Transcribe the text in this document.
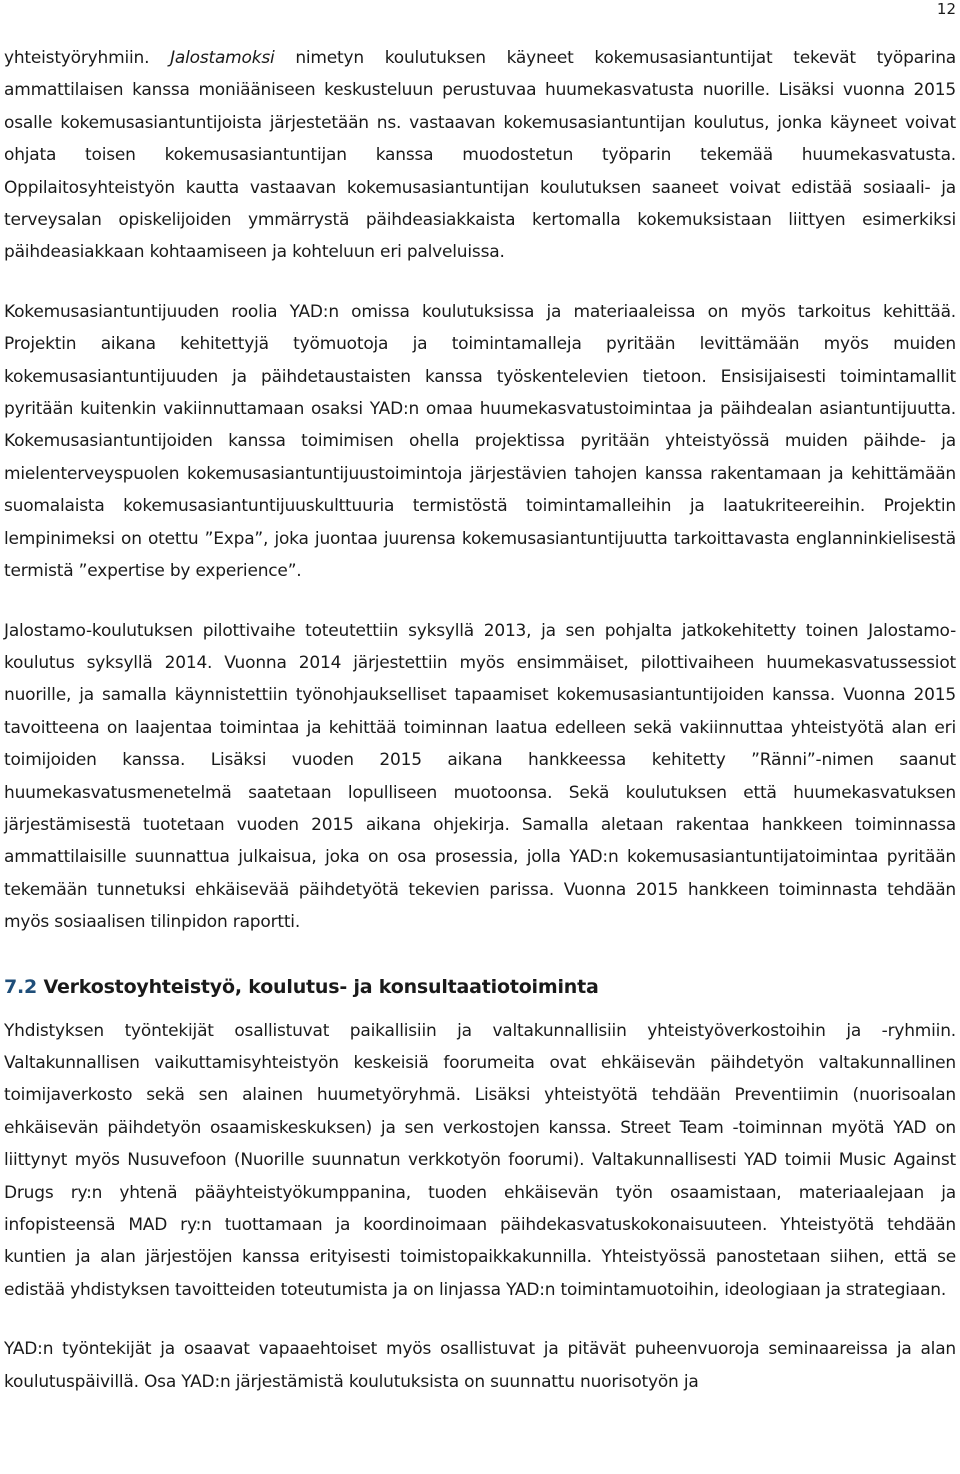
12

yhteistyöryhmiin. Jalostamoksi nimetyn koulutuksen käyneet kokemusasiantuntijat tekevät työparina ammattilaisen kanssa moniääniseen keskusteluun perustuvaa huumekasvatusta nuorille. Lisäksi vuonna 2015 osalle kokemusasiantuntijoista järjestetään ns. vastaavan kokemusasiantuntijan koulutus, jonka käyneet voivat ohjata toisen kokemusasiantuntijan kanssa muodostetun työparin tekemää huumekasvatusta. Oppilaitosyhteistyön kautta vastaavan kokemusasiantuntijan koulutuksen saaneet voivat edistää sosiaali- ja terveysalan opiskelijoiden ymmärrystä päihdeasiakkaista kertomalla kokemuksistaan liittyen esimerkiksi päihdeasiakkaan kohtaamiseen ja kohteluun eri palveluissa.

Kokemusasiantuntijuuden roolia YAD:n omissa koulutuksissa ja materiaaleissa on myös tarkoitus kehittää. Projektin aikana kehitettyjä työmuotoja ja toimintamalleja pyritään levittämään myös muiden kokemusasiantuntijuuden ja päihdetaustaisten kanssa työskentelevien tietoon. Ensisijaisesti toimintamallit pyritään kuitenkin vakiinnuttamaan osaksi YAD:n omaa huumekasvatustoimintaa ja päihdealan asiantuntijuutta. Kokemusasiantuntijoiden kanssa toimimisen ohella projektissa pyritään yhteistyössä muiden päihde- ja mielenterveyspuolen kokemusasiantuntijuustoimintoja järjestävien tahojen kanssa rakentamaan ja kehittämään suomalaista kokemusasiantuntijuuskulttuuria termistöstä toimintamalleihin ja laatukriteereihin. Projektin lempinimeksi on otettu ”Expa”, joka juontaa juurensa kokemusasiantuntijuutta tarkoittavasta englanninkielisestä termistä ”expertise by experience”.

Jalostamo-koulutuksen pilottivaihe toteutettiin syksyllä 2013, ja sen pohjalta jatkokehitetty toinen Jalostamo-koulutus syksyllä 2014. Vuonna 2014 järjestettiin myös ensimmäiset, pilottivaiheen huumekasvatussessiot nuorille, ja samalla käynnistettiin työnohjaukselliset tapaamiset kokemusasiantuntijoiden kanssa. Vuonna 2015 tavoitteena on laajentaa toimintaa ja kehittää toiminnan laatua edelleen sekä vakiinnuttaa yhteistyötä alan eri toimijoiden kanssa. Lisäksi vuoden 2015 aikana hankkeessa kehitetty ”Ränni”-nimen saanut huumekasvatusmenetelmä saatetaan lopulliseen muotoonsa. Sekä koulutuksen että huumekasvatuksen järjestämisestä tuotetaan vuoden 2015 aikana ohjekirja. Samalla aletaan rakentaa hankkeen toiminnassa ammattilaisille suunnattua julkaisua, joka on osa prosessia, jolla YAD:n kokemusasiantuntijatoimintaa pyritään tekemään tunnetuksi ehkäisevää päihdetyötä tekevien parissa. Vuonna 2015 hankkeen toiminnasta tehdään myös sosiaalisen tilinpidon raportti.

7.2 Verkostoyhteistyö, koulutus- ja konsultaatiotoiminta

Yhdistyksen työntekijät osallistuvat paikallisiin ja valtakunnallisiin yhteistyöverkostoihin ja -ryhmiin. Valtakunnallisen vaikuttamisyhteistyön keskeisiä foorumeita ovat ehkäisevän päihdetyön valtakunnallinen toimijaverkosto sekä sen alainen huumetyöryhmä. Lisäksi yhteistyötä tehdään Preventiimin (nuorisoalan ehkäisevän päihdetyön osaamiskeskuksen) ja sen verkostojen kanssa. Street Team -toiminnan myötä YAD on liittynyt myös Nusuvefoon (Nuorille suunnatun verkkotyön foorumi). Valtakunnallisesti YAD toimii Music Against Drugs ry:n yhtenä pääyhteistyökumppanina, tuoden ehkäisevän työn osaamistaan, materiaalejaan ja infopisteensä MAD ry:n tuottamaan ja koordinoimaan päihdekasvatuskokonaisuuteen. Yhteistyötä tehdään kuntien ja alan järjestöjen kanssa erityisesti toimistopaikkakunnilla. Yhteistyössä panostetaan siihen, että se edistää yhdistyksen tavoitteiden toteutumista ja on linjassa YAD:n toimintamuotoihin, ideologiaan ja strategiaan.

YAD:n työntekijät ja osaavat vapaaehtoiset myös osallistuvat ja pitävät puheenvuoroja seminaareissa ja alan koulutuspäivillä. Osa YAD:n järjestämistä koulutuksista on suunnattu nuorisotyön ja
